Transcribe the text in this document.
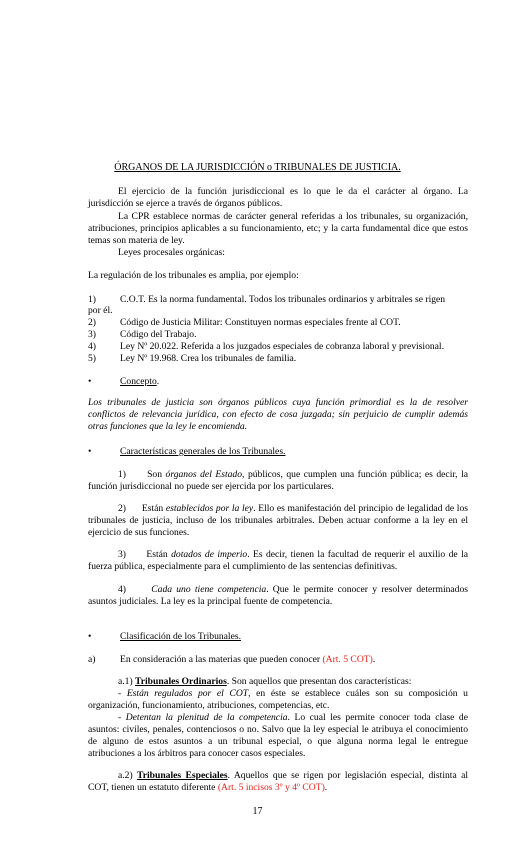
ÓRGANOS DE LA JURISDICCIÓN o TRIBUNALES DE JUSTICIA.
El ejercicio de la función jurisdiccional es lo que le da el carácter al órgano. La jurisdicción se ejerce a través de órganos públicos.
La CPR establece normas de carácter general referidas a los tribunales, su organización, atribuciones, principios aplicables a su funcionamiento, etc; y la carta fundamental dice que estos temas son materia de ley.
Leyes procesales orgánicas:
La regulación de los tribunales es amplia, por ejemplo:
1)	C.O.T. Es la norma fundamental. Todos los tribunales ordinarios y arbitrales se rigen
por él.
2)	Código de Justicia Militar: Constituyen normas especiales frente al COT.
3)	Código del Trabajo.
4)	Ley Nº 20.022. Referida a los juzgados especiales de cobranza laboral y previsional.
5)	Ley Nº 19.968. Crea los tribunales de familia.
•	Concepto.
Los tribunales de justicia son órganos públicos cuya función primordial es la de resolver conflictos de relevancia jurídica, con efecto de cosa juzgada; sin perjuicio de cumplir además otras funciones que la ley le encomienda.
•	Características generales de los Tribunales.
1) Son órganos del Estado, públicos, que cumplen una función pública; es decir, la función jurisdiccional no puede ser ejercida por los particulares.
2) Están establecidos por la ley. Ello es manifestación del principio de legalidad de los tribunales de justicia, incluso de los tribunales arbitrales. Deben actuar conforme a la ley en el ejercicio de sus funciones.
3) Están dotados de imperio. Es decir, tienen la facultad de requerir el auxilio de la fuerza pública, especialmente para el cumplimiento de las sentencias definitivas.
4)	Cada uno tiene competencia. Que le permite conocer y resolver determinados asuntos judiciales. La ley es la principal fuente de competencia.
•	Clasificación de los Tribunales.
a)	En consideración a las materias que pueden conocer (Art. 5 COT).
a.1) Tribunales Ordinarios. Son aquellos que presentan dos características:
- Están regulados por el COT, en éste se establece cuáles son su composición u organización, funcionamiento, atribuciones, competencias, etc.
- Detentan la plenitud de la competencia. Lo cual les permite conocer toda clase de asuntos: civiles, penales, contenciosos o no. Salvo que la ley especial le atribuya el conocimiento de alguno de estos asuntos a un tribunal especial, o que alguna norma legal le entregue atribuciones a los árbitros para conocer casos especiales.
a.2) Tribunales Especiales. Aquellos que se rigen por legislación especial, distinta al COT, tienen un estatuto diferente (Art. 5 incisos 3º y 4º COT).
17
